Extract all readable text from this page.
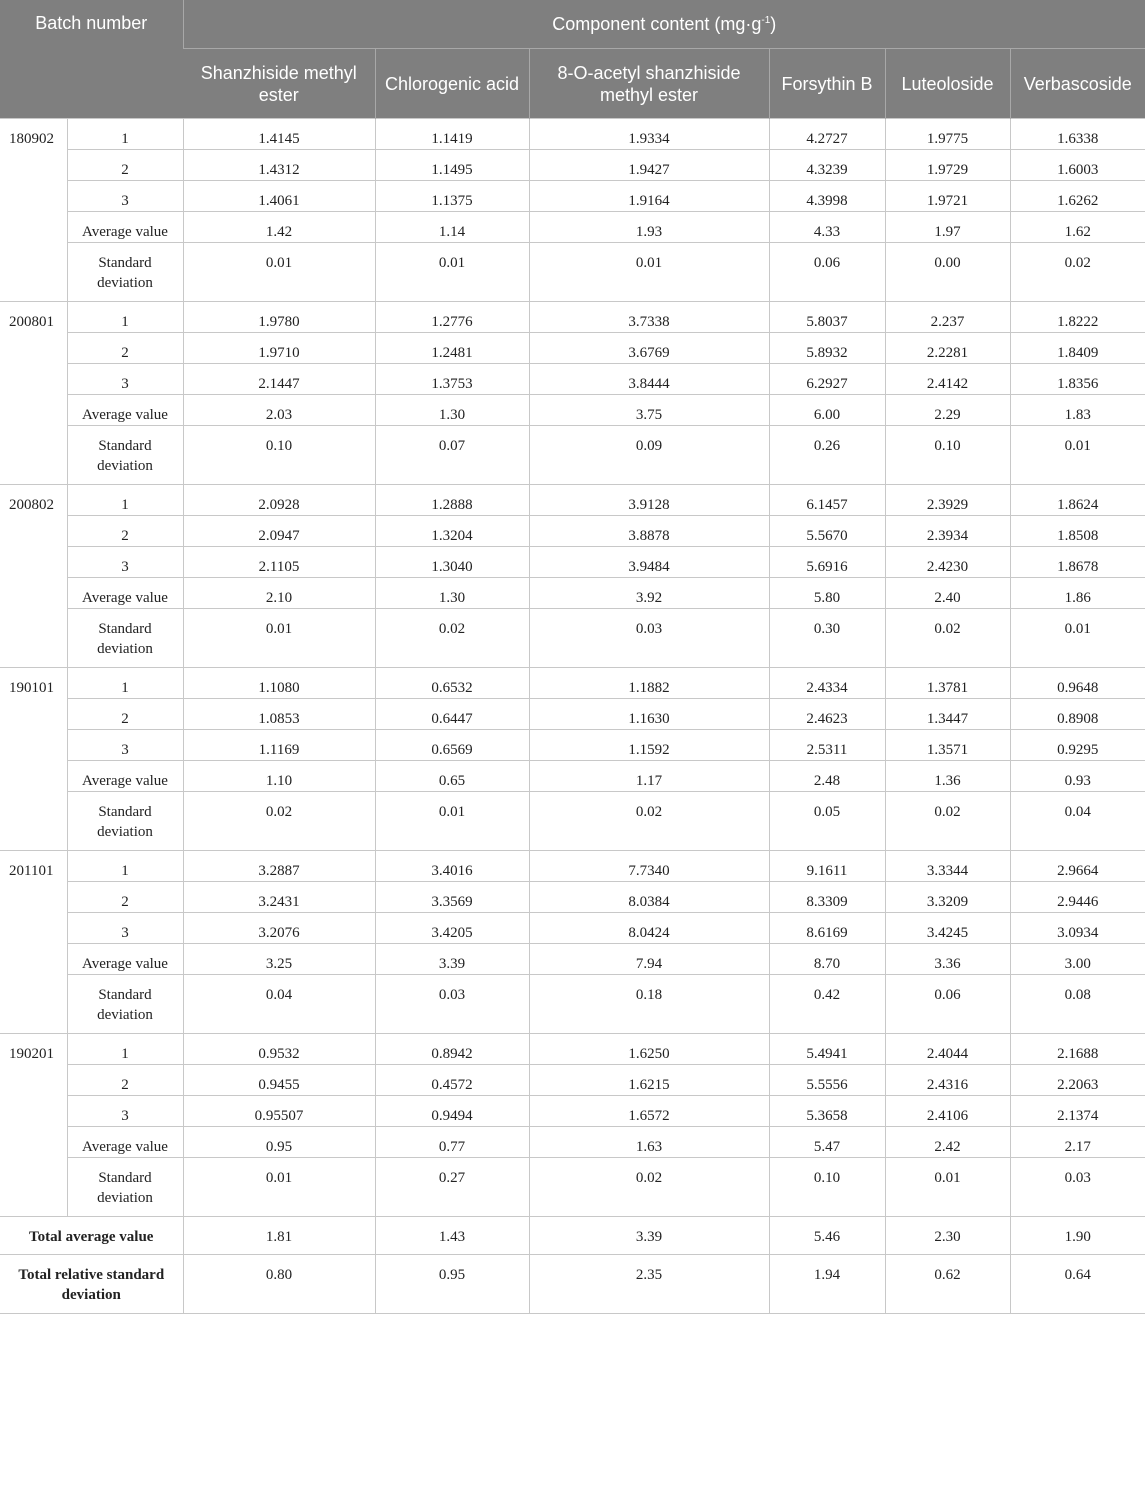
Batch number		Component content $(mg\cdot g^{-1})$					
		Shanzhiside methyl ester	Chlorogenic acid	8-O-acetyl shanzhiside methyl ester	Forsythin B	Luteoloside	Verbascoside
180902	1	1.4145	1.1419	1.9334	4.2727	1.9775	1.6338
	2	1.4312	1.1495	1.9427	4.3239	1.9729	1.6003
	3	1.4061	1.1375	1.9164	4.3998	1.9721	1.6262
	Average value	1.42	1.14	1.93	4.33	1.97	1.62
	Standard deviation	0.01	0.01	0.01	0.06	0.00	0.02
200801	1	1.9780	1.2776	3.7338	5.8037	2.237	1.8222
	2	1.9710	1.2481	3.6769	5.8932	2.2281	1.8409
	3	2.1447	1.3753	3.8444	6.2927	2.4142	1.8356
	Average value	2.03	1.30	3.75	6.00	2.29	1.83
	Standard deviation	0.10	0.07	0.09	0.26	0.10	0.01
200802	1	2.0928	1.2888	3.9128	6.1457	2.3929	1.8624
	2	2.0947	1.3204	3.8878	5.5670	2.3934	1.8508
	3	2.1105	1.3040	3.9484	5.6916	2.4230	1.8678
	Average value	2.10	1.30	3.92	5.80	2.40	1.86
	Standard deviation	0.01	0.02	0.03	0.30	0.02	0.01
190101	1	1.1080	0.6532	1.1882	2.4334	1.3781	0.9648
	2	1.0853	0.6447	1.1630	2.4623	1.3447	0.8908
	3	1.1169	0.6569	1.1592	2.5311	1.3571	0.9295
	Average value	1.10	0.65	1.17	2.48	1.36	0.93
	Standard deviation	0.02	0.01	0.02	0.05	0.02	0.04
201101	1	3.2887	3.4016	7.7340	9.1611	3.3344	2.9664
	2	3.2431	3.3569	8.0384	8.3309	3.3209	2.9446
	3	3.2076	3.4205	8.0424	8.6169	3.4245	3.0934
	Average value	3.25	3.39	7.94	8.70	3.36	3.00
	Standard deviation	0.04	0.03	0.18	0.42	0.06	0.08
190201	1	0.9532	0.8942	1.6250	5.4941	2.4044	2.1688
	2	0.9455	0.4572	1.6215	5.5556	2.4316	2.2063
	3	0.95507	0.9494	1.6572	5.3658	2.4106	2.1374
	Average value	0.95	0.77	1.63	5.47	2.42	2.17
	Standard deviation	0.01	0.27	0.02	0.10	0.01	0.03
Total average value		1.81	1.43	3.39	5.46	2.30	1.90
Total relative standard deviation		0.80	0.95	2.35	1.94	0.62	0.64
